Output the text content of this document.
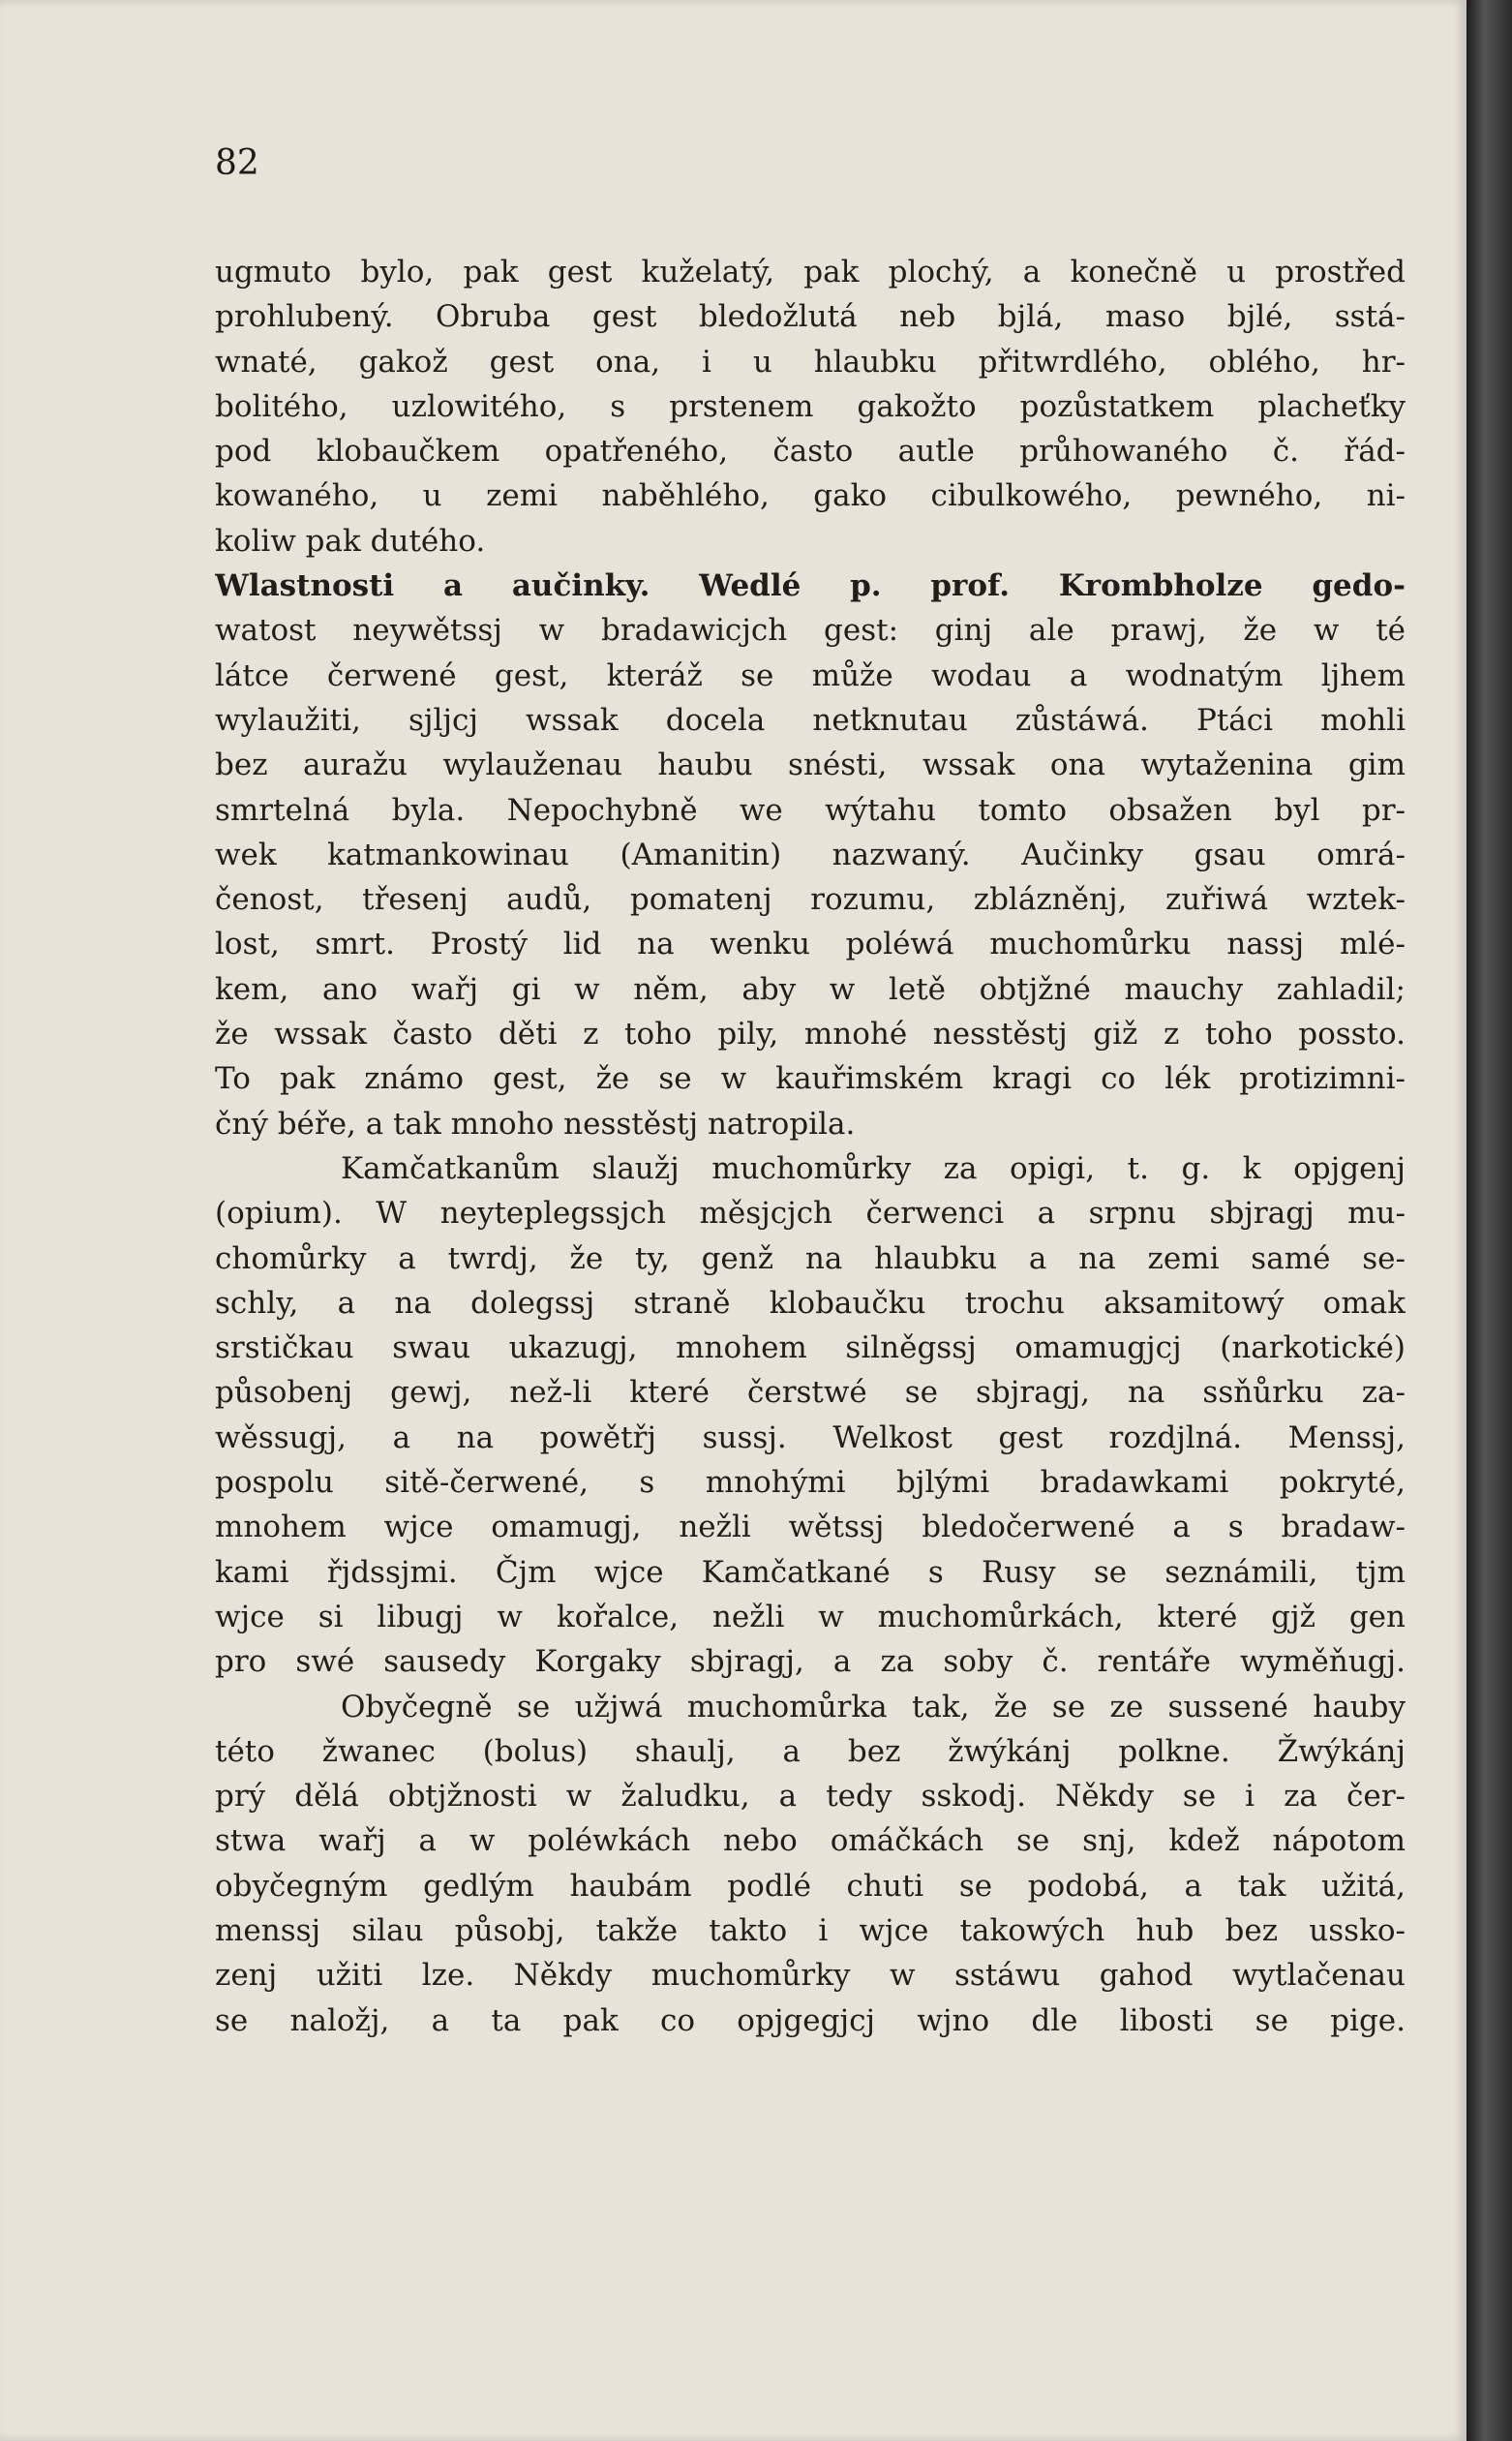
82
ugmuto bylo, pak gest kuželatý, pak plochý, a konečně u prostřed
prohlubený. Obruba gest bledožlutá neb bjlá, maso bjlé, sstá-
wnaté, gakož gest ona, i u hlaubku přitwrdlého, oblého, hr-
bolitého, uzlowitého, s prstenem gakožto pozůstatkem placheťky
pod klobaučkem opatřeného, často autle průhowaného č. řád-
kowaného, u zemi naběhlého, gako cibulkowého, pewného, ni-
koliw pak dutého.
Wlastnosti a aučinky. Wedlé p. prof. Krombholze gedo-
watost neywětssj w bradawicjch gest: ginj ale prawj, že w té
látce čerwené gest, kteráž se může wodau a wodnatým ljhem
wylaužiti, sjljcj wssak docela netknutau zůstáwá. Ptáci mohli
bez auražu wylauženau haubu snésti, wssak ona wytaženina gim
smrtelná byla. Nepochybně we wýtahu tomto obsažen byl pr-
wek katmankowinau (Amanitin) nazwaný. Aučinky gsau omrá-
čenost, třesenj audů, pomatenj rozumu, zblázněnj, zuřiwá wztek-
lost, smrt. Prostý lid na wenku poléwá muchomůrku nassj mlé-
kem, ano wařj gi w něm, aby w letě obtjžné mauchy zahladil;
že wssak často děti z toho pily, mnohé nesstěstj giž z toho possto.
To pak známo gest, že se w kauřimském kragi co lék protizimni-
čný béře, a tak mnoho nesstěstj natropila.
Kamčatkanům slaužj muchomůrky za opigi, t. g. k opjgenj
(opium). W neyteplegssjch měsjcjch čerwenci a srpnu sbjragj mu-
chomůrky a twrdj, že ty, genž na hlaubku a na zemi samé se-
schly, a na dolegssj straně klobaučku trochu aksamitowý omak
srstičkau swau ukazugj, mnohem silněgssj omamugjcj (narkotické)
působenj gewj, než-li které čerstwé se sbjragj, na ssňůrku za-
wěssugj, a na powětřj sussj. Welkost gest rozdjlná. Menssj,
pospolu sitě-čerwené, s mnohými bjlými bradawkami pokryté,
mnohem wjce omamugj, nežli wětssj bledočerwené a s bradaw-
kami řjdssjmi. Čjm wjce Kamčatkané s Rusy se seznámili, tjm
wjce si libugj w kořalce, nežli w muchomůrkách, které gjž gen
pro swé sausedy Korgaky sbjragj, a za soby č. rentáře wyměňugj.
Obyčegně se užjwá muchomůrka tak, že se ze sussené hauby
této žwanec (bolus) shaulj, a bez žwýkánj polkne. Žwýkánj
prý dělá obtjžnosti w žaludku, a tedy sskodj. Někdy se i za čer-
stwa wařj a w poléwkách nebo omáčkách se snj, kdež nápotom
obyčegným gedlým haubám podlé chuti se podobá, a tak užitá,
menssj silau působj, takže takto i wjce takowých hub bez ussko-
zenj užiti lze. Někdy muchomůrky w sstáwu gahod wytlačenau
se naložj, a ta pak co opjgegjcj wjno dle libosti se pige.
